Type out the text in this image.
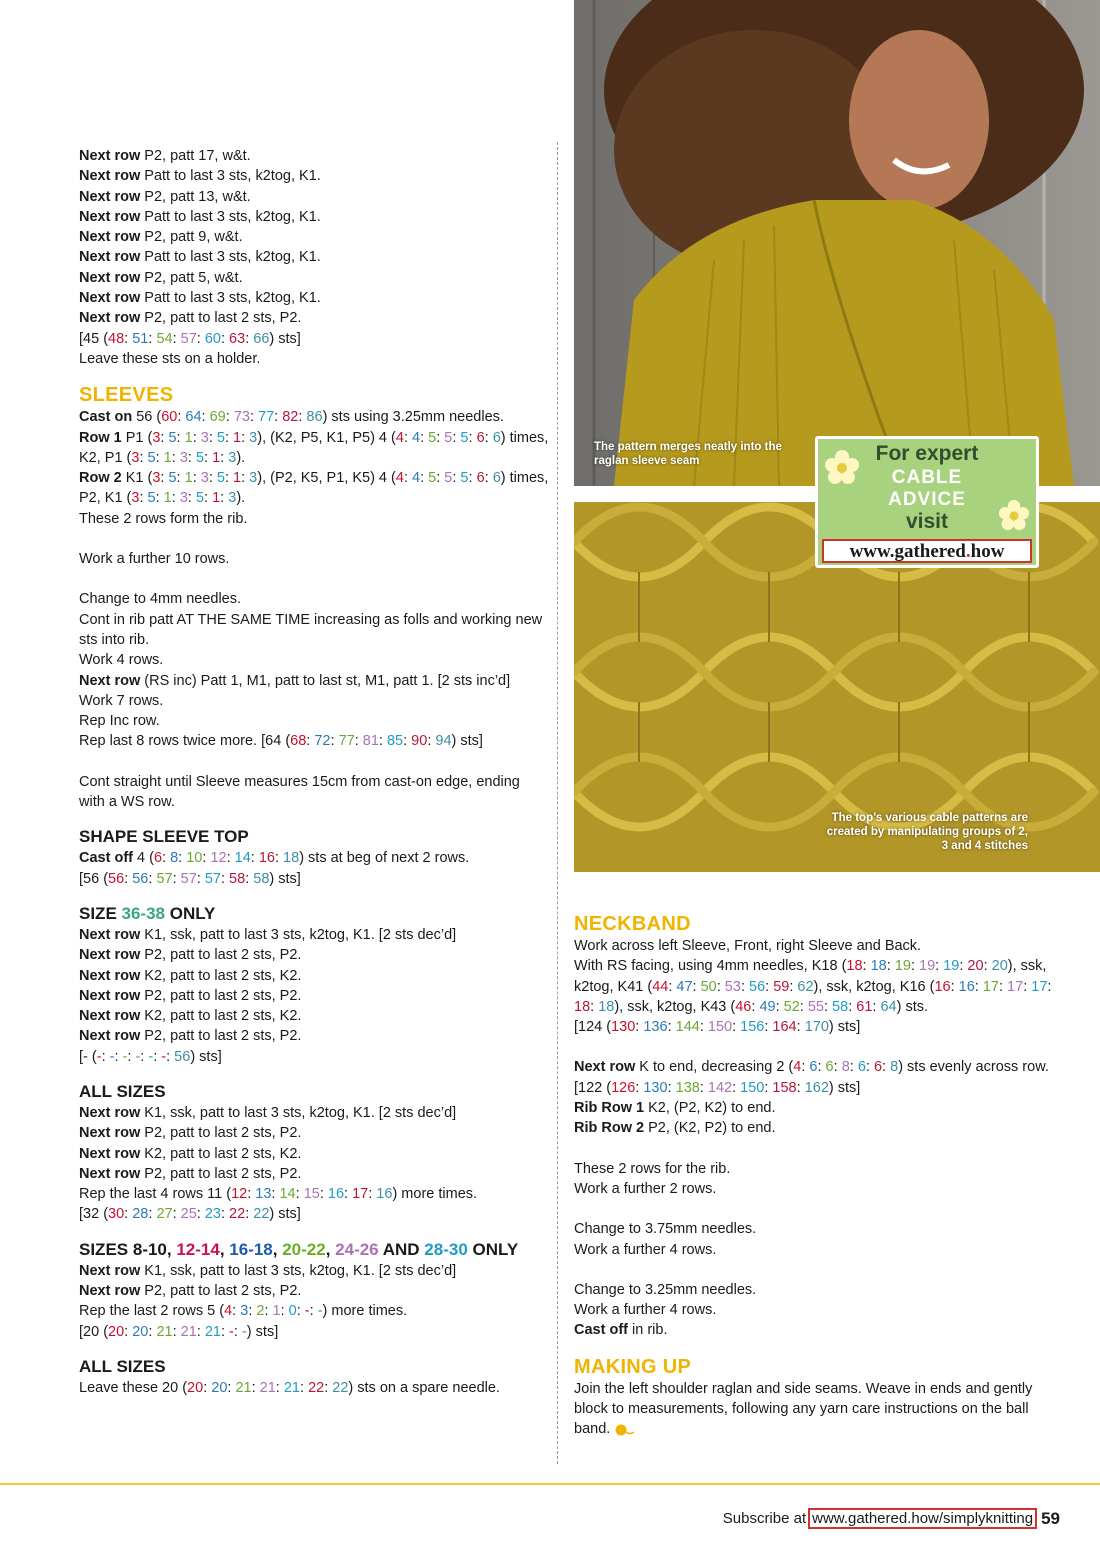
Next row P2, patt 17, w&t.

Next row Patt to last 3 sts, k2tog, K1.

Next row P2, patt 13, w&t.

Next row Patt to last 3 sts, k2tog, K1.

Next row P2, patt 9, w&t.

Next row Patt to last 3 sts, k2tog, K1.

Next row P2, patt 5, w&t.

Next row Patt to last 3 sts, k2tog, K1.

Next row P2, patt to last 2 sts, P2.

[45 (48: 51: 54: 57: 60: 63: 66) sts]

Leave these sts on a holder.

SLEEVES

Cast on 56 (60: 64: 69: 73: 77: 82: 86) sts using 3.25mm needles.

Row 1 P1 (3: 5: 1: 3: 5: 1: 3), (K2, P5, K1, P5) 4 (4: 4: 5: 5: 5: 6: 6) times, K2, P1 (3: 5: 1: 3: 5: 1: 3).

Row 2 K1 (3: 5: 1: 3: 5: 1: 3), (P2, K5, P1, K5) 4 (4: 4: 5: 5: 5: 6: 6) times, P2, K1 (3: 5: 1: 3: 5: 1: 3).

These 2 rows form the rib.

Work a further 10 rows.

Change to 4mm needles.

Cont in rib patt AT THE SAME TIME increasing as folls and working new sts into rib.

Work 4 rows.

Next row (RS inc) Patt 1, M1, patt to last st, M1, patt 1. [2 sts inc’d]

Work 7 rows.

Rep Inc row.

Rep last 8 rows twice more. [64 (68: 72: 77: 81: 85: 90: 94) sts]

Cont straight until Sleeve measures 15cm from cast-on edge, ending with a WS row.

SHAPE SLEEVE TOP

Cast off 4 (6: 8: 10: 12: 14: 16: 18) sts at beg of next 2 rows.

[56 (56: 56: 57: 57: 57: 58: 58) sts]

SIZE 36-38 ONLY

Next row K1, ssk, patt to last 3 sts, k2tog, K1. [2 sts dec’d]

Next row P2, patt to last 2 sts, P2.

Next row K2, patt to last 2 sts, K2.

Next row P2, patt to last 2 sts, P2.

Next row K2, patt to last 2 sts, K2.

Next row P2, patt to last 2 sts, P2.

[- (-: -: -: -: -: -: 56) sts]

ALL SIZES

Next row K1, ssk, patt to last 3 sts, k2tog, K1. [2 sts dec’d]

Next row P2, patt to last 2 sts, P2.

Next row K2, patt to last 2 sts, K2.

Next row P2, patt to last 2 sts, P2.

Rep the last 4 rows 11 (12: 13: 14: 15: 16: 17: 16) more times.

[32 (30: 28: 27: 25: 23: 22: 22) sts]

SIZES 8-10, 12-14, 16-18, 20-22, 24-26 AND 28-30 ONLY

Next row K1, ssk, patt to last 3 sts, k2tog, K1. [2 sts dec’d]

Next row P2, patt to last 2 sts, P2.

Rep the last 2 rows 5 (4: 3: 2: 1: 0: -: -) more times.

[20 (20: 20: 21: 21: 21: -: -) sts]

ALL SIZES

Leave these 20 (20: 20: 21: 21: 21: 22: 22) sts on a spare needle.

The pattern merges neatly into the raglan sleeve seam
The top’s various cable patterns are created by manipulating groups of 2, 3 and 4 stitches
For expert
CABLE
ADVICE
visit
www.gathered.how
NECKBAND

Work across left Sleeve, Front, right Sleeve and Back.

With RS facing, using 4mm needles, K18 (18: 18: 19: 19: 19: 20: 20), ssk, k2tog, K41 (44: 47: 50: 53: 56: 59: 62), ssk, k2tog, K16 (16: 16: 17: 17: 17: 18: 18), ssk, k2tog, K43 (46: 49: 52: 55: 58: 61: 64) sts.

[124 (130: 136: 144: 150: 156: 164: 170) sts]

Next row K to end, decreasing 2 (4: 6: 6: 8: 6: 6: 8) sts evenly across row. [122 (126: 130: 138: 142: 150: 158: 162) sts]

Rib Row 1 K2, (P2, K2) to end.

Rib Row 2 P2, (K2, P2) to end.

These 2 rows for the rib.

Work a further 2 rows.

Change to 3.75mm needles.

Work a further 4 rows.

Change to 3.25mm needles.

Work a further 4 rows.

Cast off in rib.

MAKING UP

Join the left shoulder raglan and side seams. Weave in ends and gently block to measurements, following any yarn care instructions on the ball band.

Subscribe at www.gathered.how/simplyknitting 59
